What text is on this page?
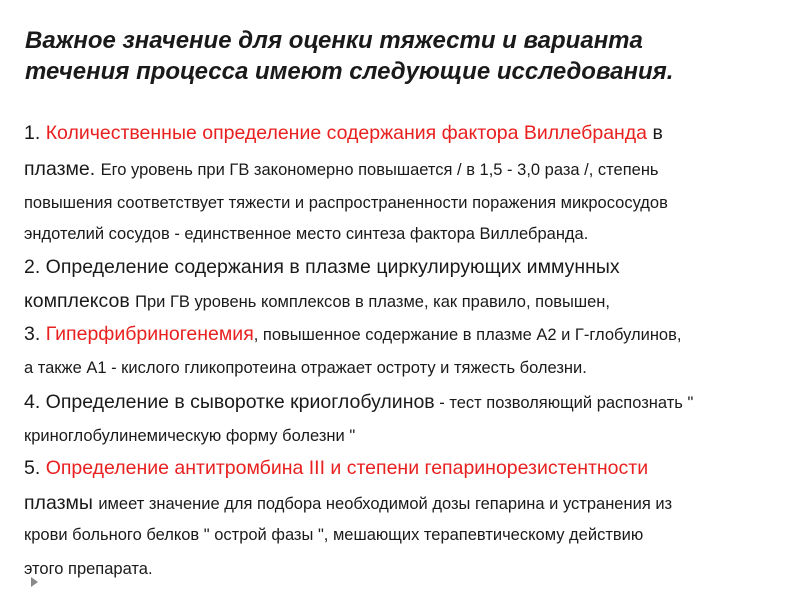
Важное значение для оценки тяжести и варианта
течения процесса имеют следующие исследования.
1. Количественные определение содержания фактора Виллебранда в
плазме. Его уровень при ГВ закономерно повышается / в 1,5 - 3,0 раза /, степень
повышения соответствует тяжести и распространенности поражения микрососудов
эндотелий сосудов - единственное место синтеза фактора Виллебранда.
2. Определение содержания в плазме циркулирующих иммунных
комплексов При ГВ уровень комплексов в плазме, как правило, повышен,
3. Гиперфибриногенемия, повышенное содержание в плазме А2 и Г-глобулинов,
а также А1 - кислого гликопротеина отражает остроту и тяжесть болезни.
4. Определение в сыворотке криоглобулинов - тест позволяющий распознать "
криноглобулинемическую форму болезни "
5. Определение антитромбина III и степени гепаринорезистентности
плазмы имеет значение для подбора необходимой дозы гепарина и устранения из
крови больного белков " острой фазы ", мешающих терапевтическому действию
этого препарата.
